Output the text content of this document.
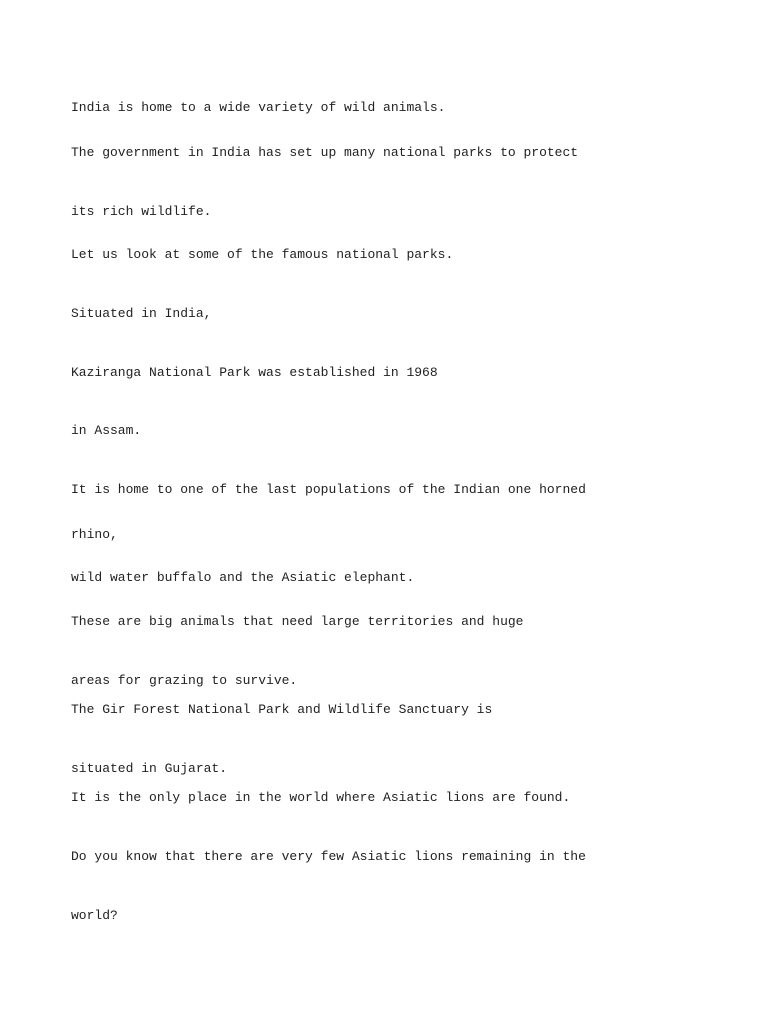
India is home to a wide variety of wild animals.

The government in India has set up many national parks to protect

its rich wildlife.

Let us look at some of the famous national parks.

Situated in India,

Kaziranga National Park was established in 1968

in Assam.

It is home to one of the last populations of the Indian one horned

rhino,

wild water buffalo and the Asiatic elephant.

These are big animals that need large territories and huge

areas for grazing to survive.

The Gir Forest National Park and Wildlife Sanctuary is

situated in Gujarat.

It is the only place in the world where Asiatic lions are found.

Do you know that there are very few Asiatic lions remaining in the

world?
